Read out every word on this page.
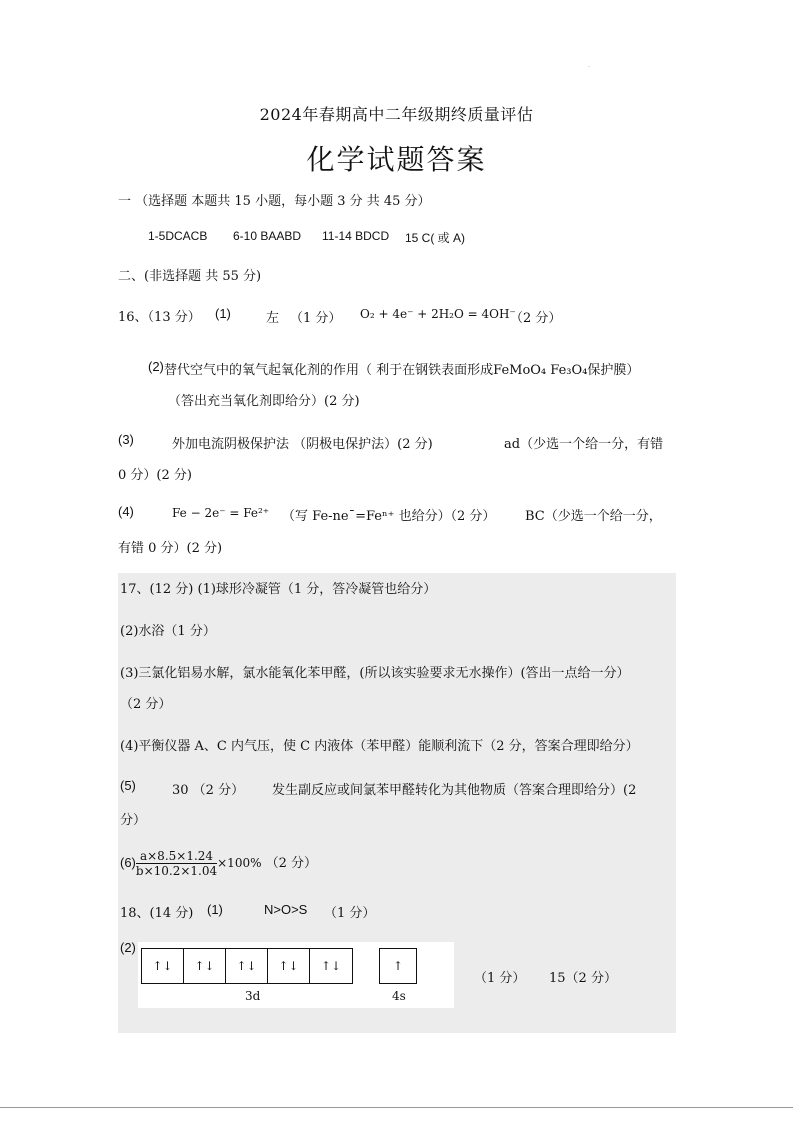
·
2024年春期高中二年级期终质量评估
化学试题答案
一 （选择题 本题共 15 小题，每小题 3 分 共 45 分）
1-5DCACB 6-10 BAABD 11-14 BDCD 15 C( 或 A)
二、(非选择题 共 55 分)
16、（13 分） (1)	左 （1 分） O₂ + 4e⁻ + 2H₂O = 4OH⁻
（2 分）
(2) 替代空气中的氧气起氧化剂的作用（ 利于在钢铁表面形成FeMoO₄ Fe₃O₄保护膜）
（答出充当氧化剂即给分）(2 分)
(3)	外加电流阴极保护法 （阴极电保护法）(2 分)	ad（少选一个给一分，有错
0 分）(2 分)
(4)	Fe − 2e⁻ = Fe²⁺ （写 Fe-neˉ=Feⁿ⁺ 也给分）
（2 分） BC（少选一个给一分，
有错 0 分）(2 分)
17、(12 分) (1)球形冷凝管（1 分，答冷凝管也给分）
(2)水浴（1 分）
(3)三氯化铝易水解，氯水能氧化苯甲醛，(所以该实验要求无水操作）(答出一点给一分）
（2 分）
(4)平衡仪器 A、C 内气压，使 C 内液体（苯甲醛）能顺利流下（2 分，答案合理即给分）
(5)	30 （2 分） 发生副反应或间氯苯甲醛转化为其他物质（答案合理即给分）(2
分）
$(6) \frac{a\times 8.5\times 1.24}{b\times 10.2\times 1.04} \times 100\%$ （2 分）
18、(14 分) (1)	N>O>S （1 分）
(2)
↑↓	↑↓	↑↓	↑↓	↑↓	↑
3d	4s
（1 分） 15（2 分）
